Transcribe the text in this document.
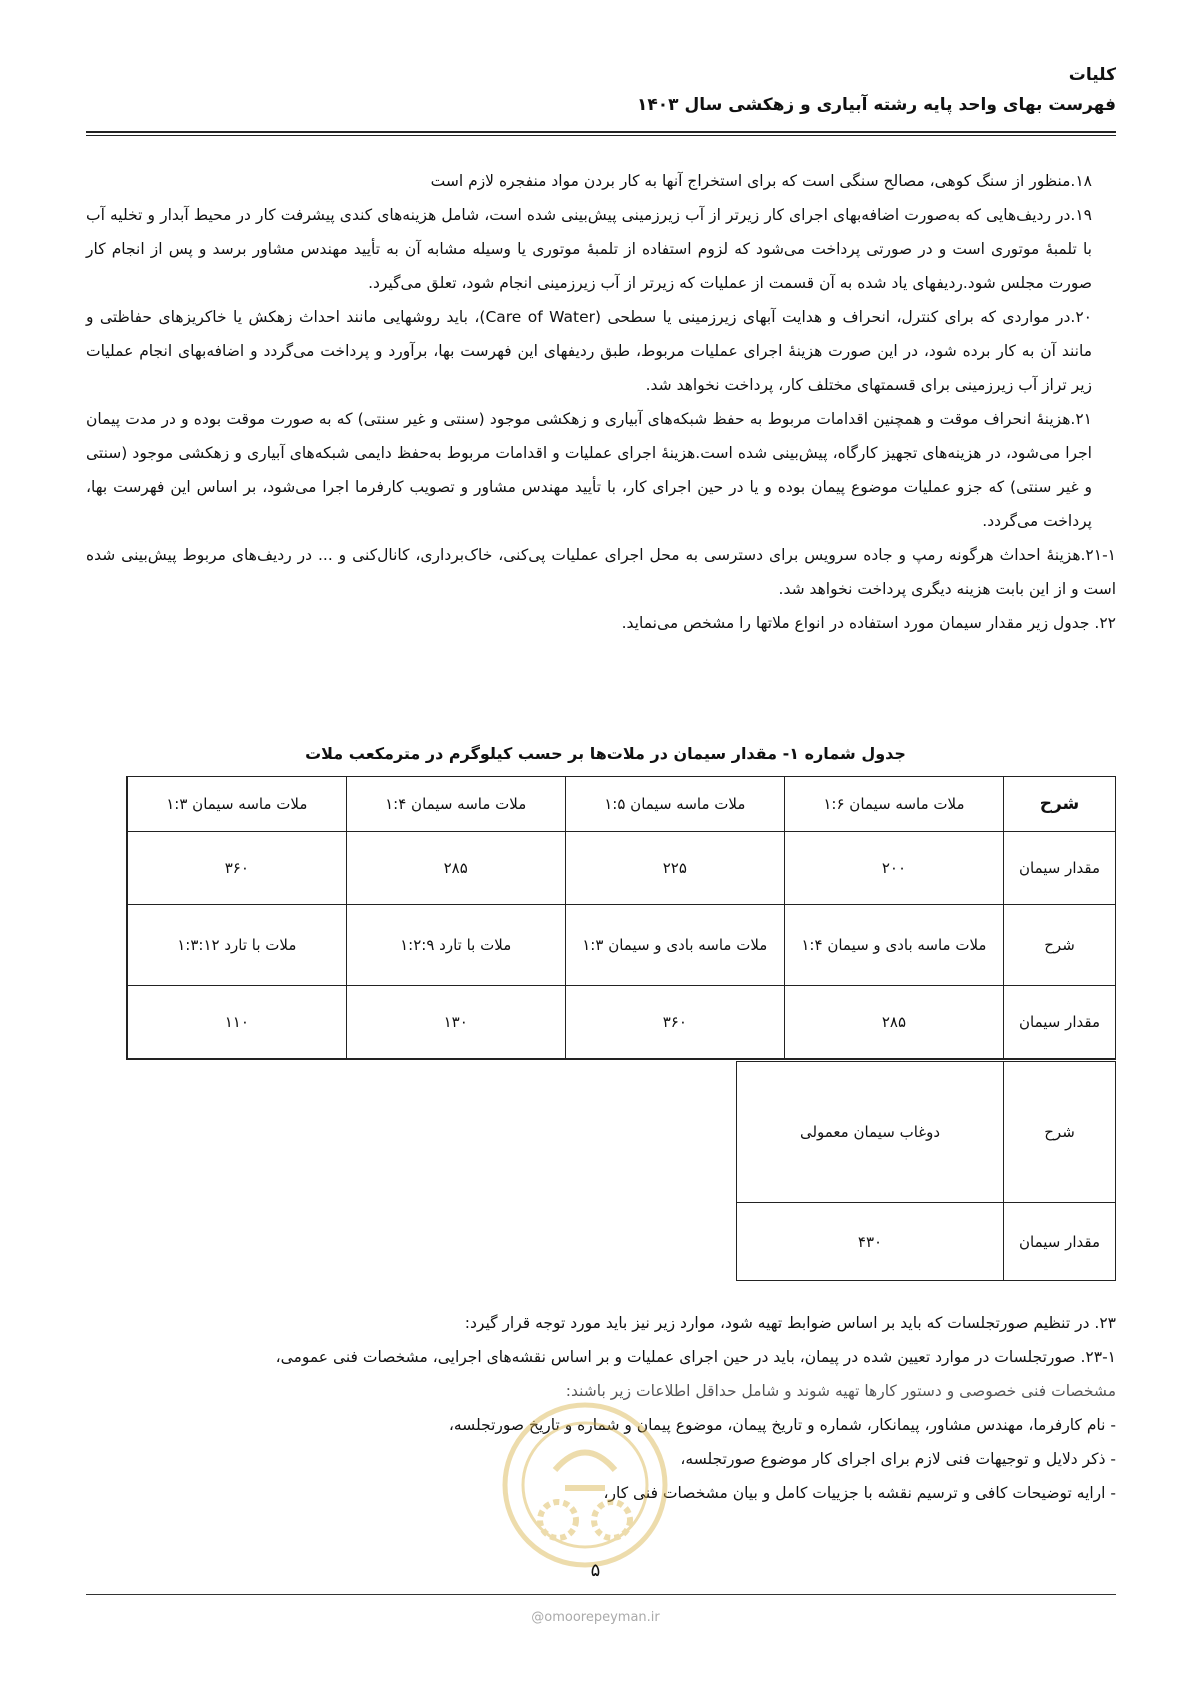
کلیات
فهرست بهای واحد پایه رشته آبیاری و زهکشی سال ۱۴۰۳

۱۸.منظور از سنگ کوهی، مصالح سنگی است که برای استخراج آنها به کار بردن مواد منفجره لازم است

۱۹.در ردیف‌هایی که به‌صورت اضافه‌بهای اجرای کار زیرتر از آب زیرزمینی پیش‌بینی شده است، شامل هزینه‌های کندی پیشرفت کار در محیط آبدار و تخلیه آب با تلمبهٔ موتوری است و در صورتی پرداخت می‌شود که لزوم استفاده از تلمبهٔ موتوری یا وسیله مشابه آن به تأیید مهندس مشاور برسد و پس از انجام کار صورت مجلس شود.ردیفهای یاد شده به آن قسمت از عملیات که زیرتر از آب زیرزمینی انجام شود، تعلق می‌گیرد.

۲۰.در مواردی که برای کنترل، انحراف و هدایت آبهای زیرزمینی یا سطحی (Care of Water)، باید روشهایی مانند احداث زهکش یا خاکریزهای حفاظتی و مانند آن به کار برده شود، در این صورت هزینهٔ اجرای عملیات مربوط، طبق ردیفهای این فهرست بها، برآورد و پرداخت می‌گردد و اضافه‌بهای انجام عملیات زیر تراز آب زیرزمینی برای قسمتهای مختلف کار، پرداخت نخواهد شد.

۲۱.هزینهٔ انحراف موقت و همچنین اقدامات مربوط به حفظ شبکه‌های آبیاری و زهکشی موجود (سنتی و غیر سنتی) که به صورت موقت بوده و در مدت پیمان اجرا می‌شود، در هزینه‌های تجهیز کارگاه، پیش‌بینی شده است.هزینهٔ اجرای عملیات و اقدامات مربوط به‌حفظ دایمی شبکه‌های آبیاری و زهکشی موجود (سنتی و غیر سنتی) که جزو عملیات موضوع پیمان بوده و یا در حین اجرای کار، با تأیید مهندس مشاور و تصویب کارفرما اجرا می‌شود، بر اساس این فهرست بها، پرداخت می‌گردد.

۲۱-۱.هزینهٔ احداث هرگونه رمپ و جاده سرویس برای دسترسی به محل اجرای عملیات پی‌کنی، خاک‌برداری، کانال‌کنی و ... در ردیف‌های مربوط پیش‌بینی شده است و از این بابت هزینه دیگری پرداخت نخواهد شد.

۲۲. جدول زیر مقدار سیمان مورد استفاده در انواع ملاتها را مشخص می‌نماید.

جدول شماره ۱- مقدار سیمان در ملات‌ها بر حسب کیلوگرم در مترمکعب ملات
شرح	ملات ماسه سیمان ۱:۶	ملات ماسه سیمان ۱:۵	ملات ماسه سیمان ۱:۴	ملات ماسه سیمان ۱:۳
مقدار سیمان	۲۰۰	۲۲۵	۲۸۵	۳۶۰
شرح	ملات ماسه بادی و سیمان ۱:۴	ملات ماسه بادی و سیمان ۱:۳	ملات با تارد ۱:۲:۹	ملات با تارد ۱:۳:۱۲
مقدار سیمان	۲۸۵	۳۶۰	۱۳۰	۱۱۰
شرح	دوغاب سیمان معمولی
مقدار سیمان	۴۳۰

۲۳. در تنظیم صورتجلسات که باید بر اساس ضوابط تهیه شود، موارد زیر نیز باید مورد توجه قرار گیرد:

۲۳-۱. صورتجلسات در موارد تعیین شده در پیمان، باید در حین اجرای عملیات و بر اساس نقشه‌های اجرایی، مشخصات فنی عمومی،

مشخصات فنی خصوصی و دستور کارها تهیه شوند و شامل حداقل اطلاعات زیر باشند:

- نام کارفرما، مهندس مشاور، پیمانکار، شماره و تاریخ پیمان، موضوع پیمان و شماره و تاریخ صورتجلسه،

- ذکر دلایل و توجیهات فنی لازم برای اجرای کار موضوع صورتجلسه،

- ارایه توضیحات کافی و ترسیم نقشه با جزییات کامل و بیان مشخصات فنی کار،

۵
@omoorepeyman.ir
